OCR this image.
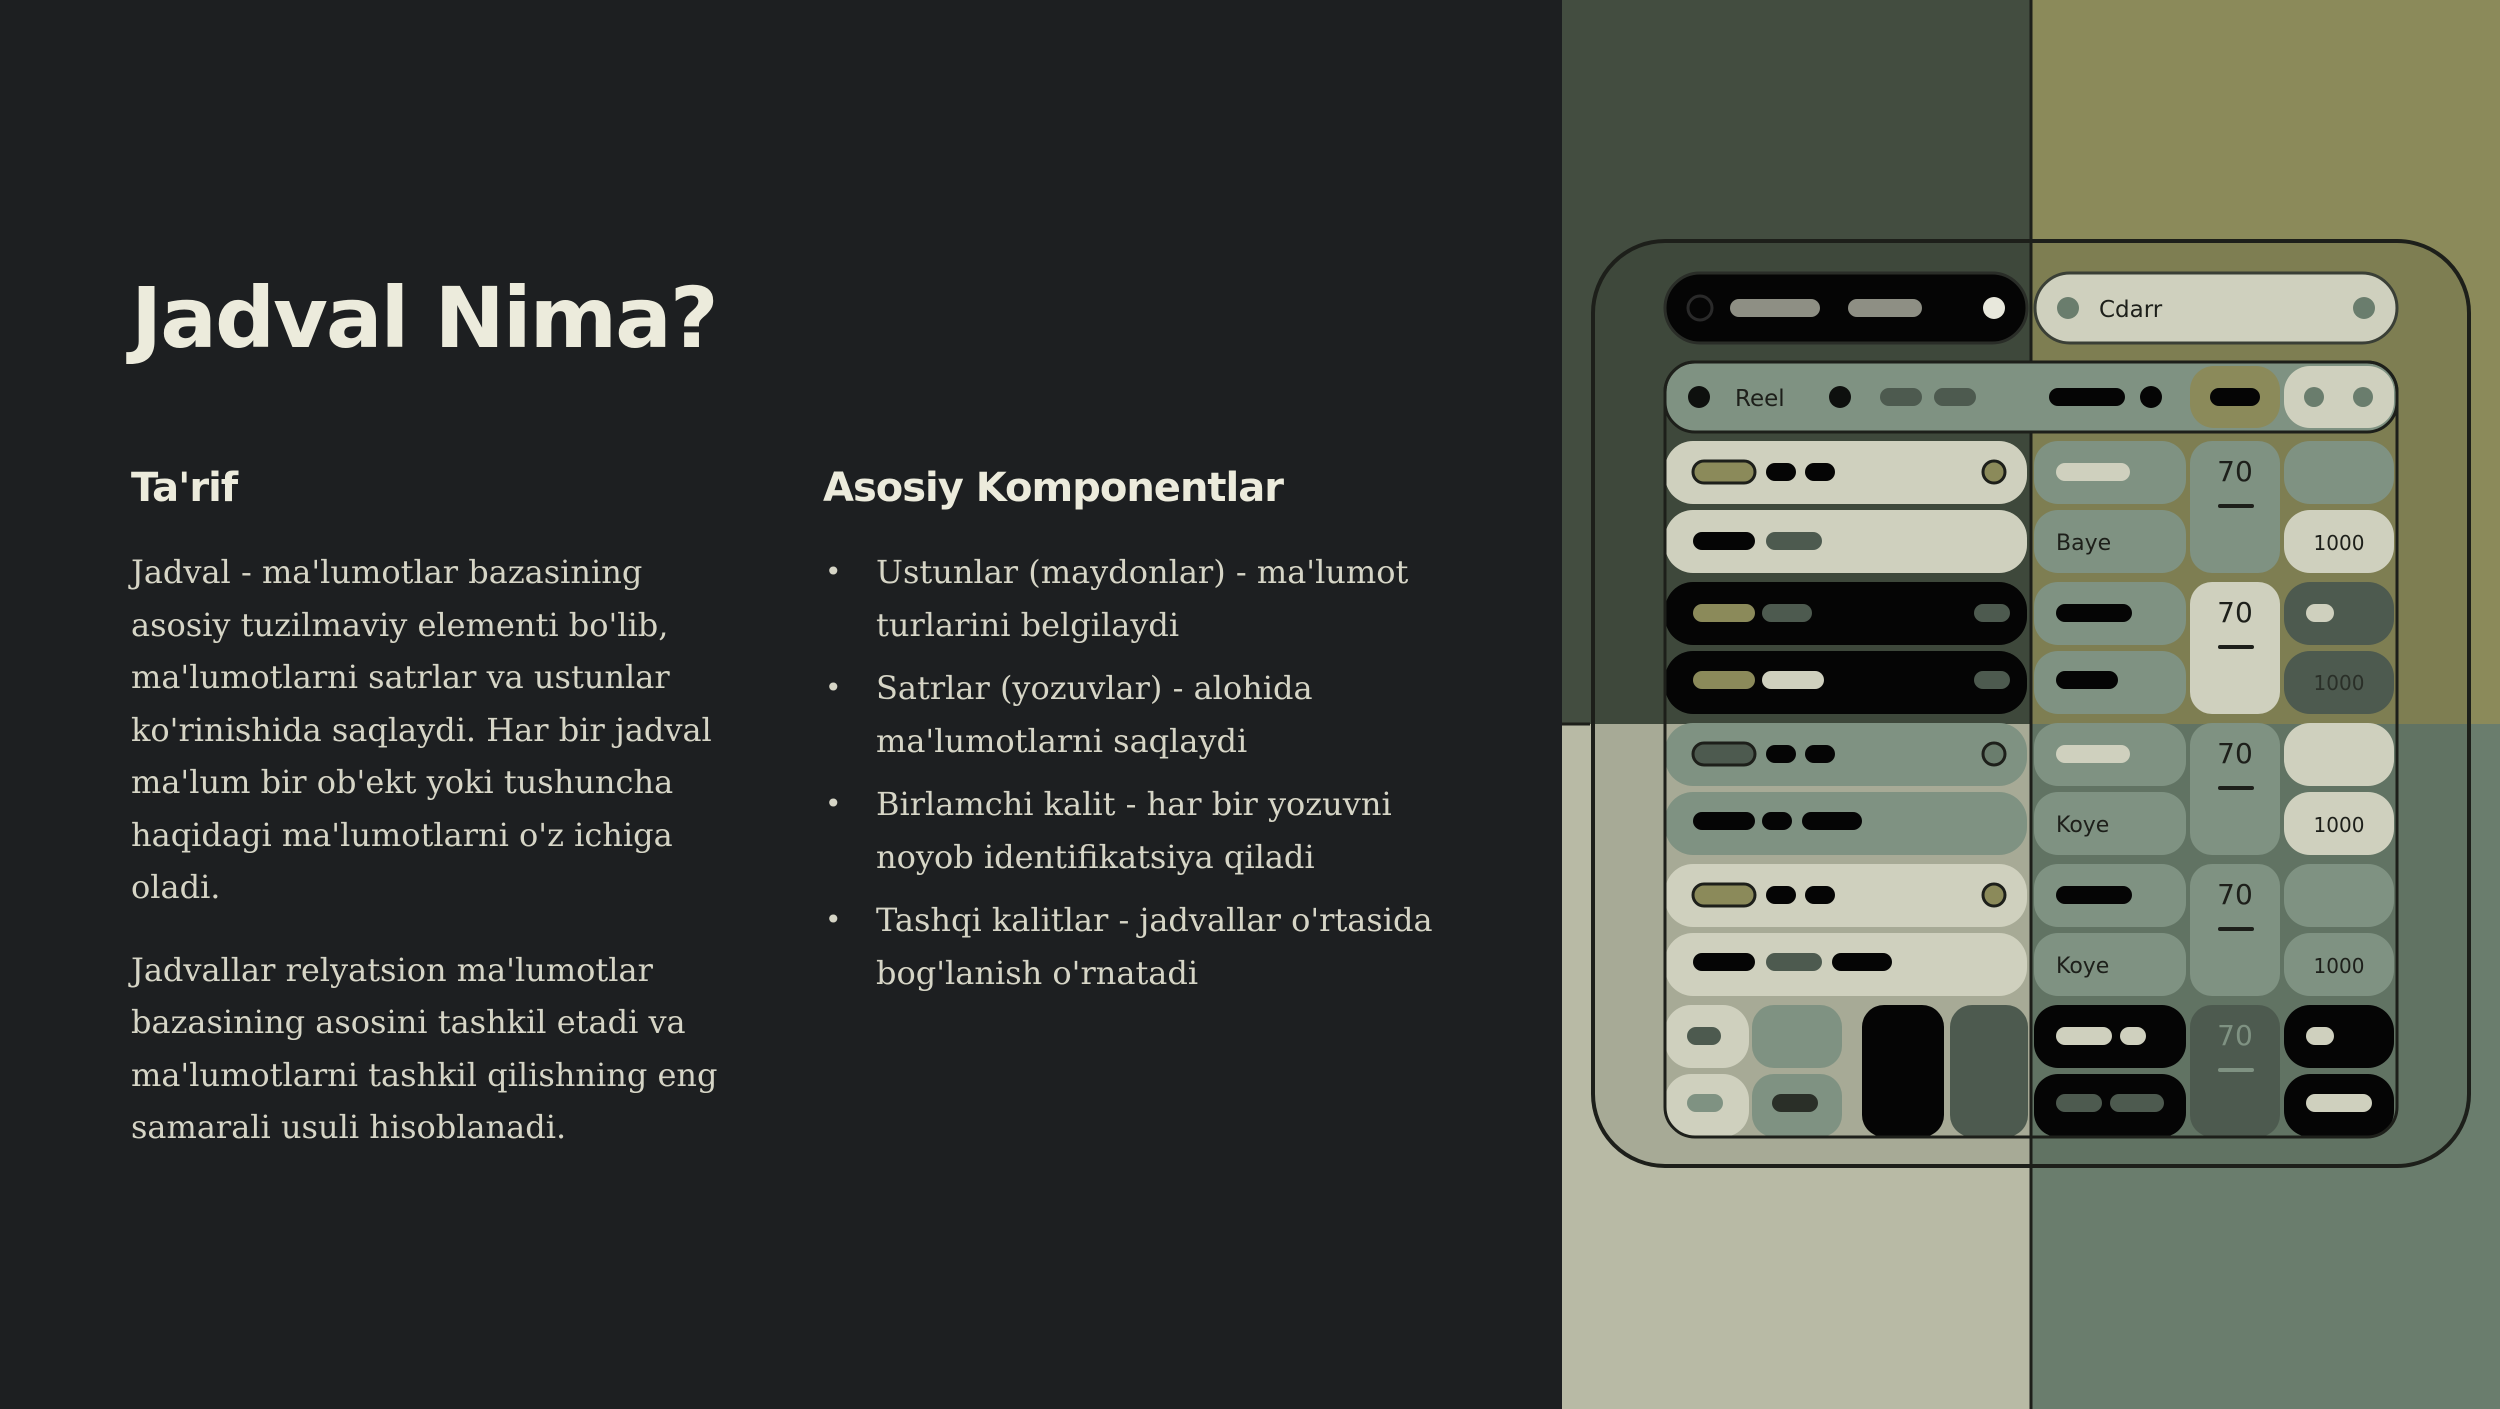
Jadval Nima?
Ta'rif

Jadval - ma'lumotlar bazasining asosiy tuzilmaviy elementi bo'lib, ma'lumotlarni satrlar va ustunlar ko'rinishida saqlaydi. Har bir jadval ma'lum bir ob'ekt yoki tushuncha haqidagi ma'lumotlarni o'z ichiga oladi.

Jadvallar relyatsion ma'lumotlar bazasining asosini tashkil etadi va ma'lumotlarni tashkil qilishning eng samarali usuli hisoblanadi.

Asosiy Komponentlar
• Ustunlar (maydonlar) - ma'lumot turlarini belgilaydi
• Satrlar (yozuvlar) - alohida ma'lumotlarni saqlaydi
• Birlamchi kalit - har bir yozuvni noyob identifikatsiya qiladi
• Tashqi kalitlar - jadvallar o'rtasida bog'lanish o'rnatadi
Cdarr
Reel
Baye
70
1000
70
1000
Koye
70
1000
Koye
70
1000
70
